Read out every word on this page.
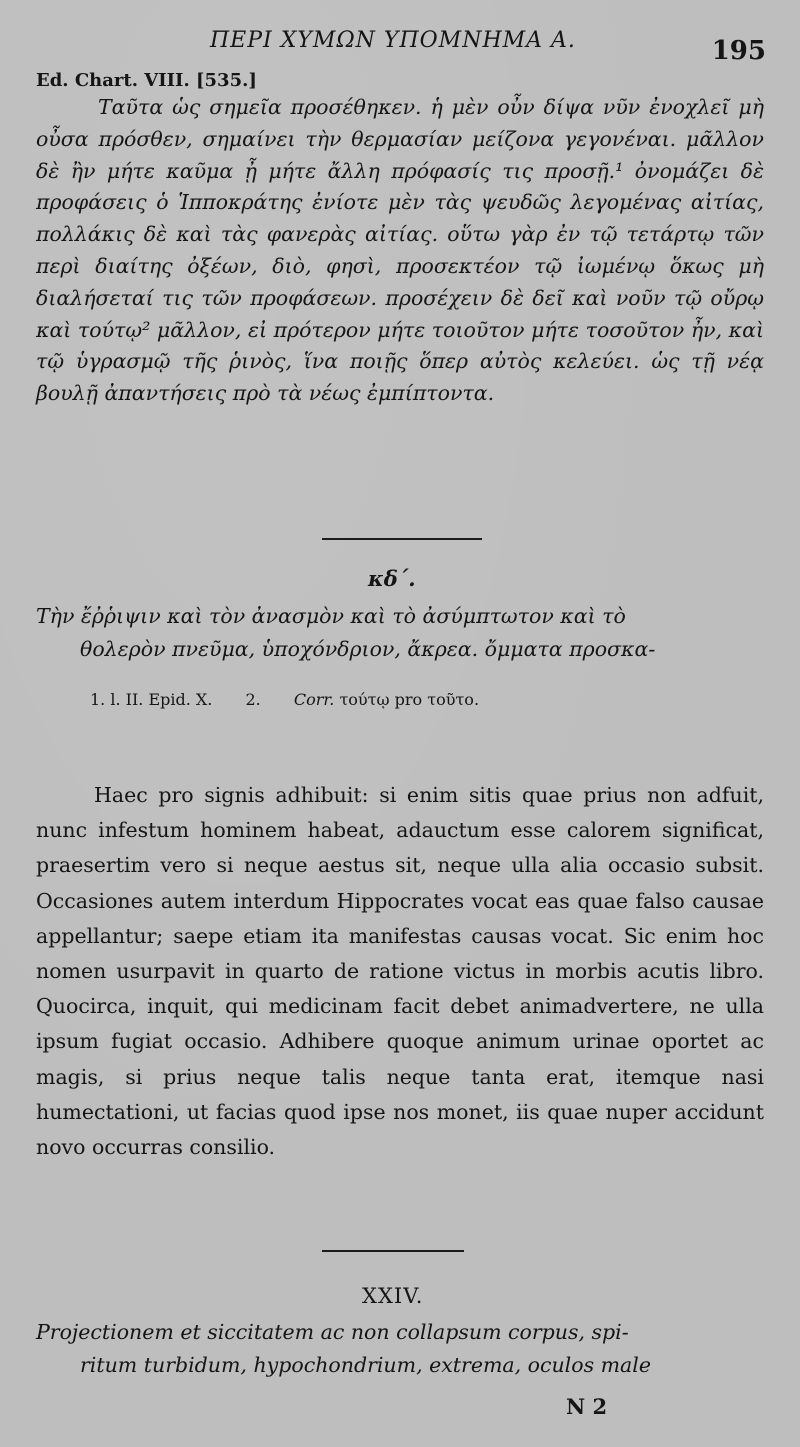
ΠΕΡΙ ΧΥΜΩΝ ΥΠΟΜΝΗΜΑ Α.	195
Ed. Chart. VIII. [535.]

Ταῦτα ὡς σημεῖα προσέθηκεν. ἡ μὲν οὖν δίψα νῦν ἐνοχλεῖ μὴ οὖσα πρόσθεν, σημαίνει τὴν θερμασίαν μείζονα γεγονέναι. μᾶλλον δὲ ἢν μήτε καῦμα ᾖ μήτε ἄλλη πρόφασίς τις προσῇ.¹ ὀνομάζει δὲ προφάσεις ὁ Ἱπποκράτης ἐνίοτε μὲν τὰς ψευδῶς λεγομένας αἰτίας, πολλάκις δὲ καὶ τὰς φανερὰς αἰτίας. οὕτω γὰρ ἐν τῷ τετάρτῳ τῶν περὶ διαίτης ὀξέων, διὸ, φησὶ, προσεκτέον τῷ ἰωμένῳ ὅκως μὴ διαλήσεταί τις τῶν προφάσεων. προσέχειν δὲ δεῖ καὶ νοῦν τῷ οὔρῳ καὶ τούτῳ² μᾶλλον, εἰ πρότερον μήτε τοιοῦτον μήτε τοσοῦτον ἦν, καὶ τῷ ὑγρασμῷ τῆς ῥινὸς, ἵνα ποιῇς ὅπερ αὐτὸς κελεύει. ὡς τῇ νέᾳ βουλῇ ἀπαντήσεις πρὸ τὰ νέως ἐμπίπτοντα.

κδ΄.
Τὴν ἔῤῥιψιν καὶ τὸν ἀνασμὸν καὶ τὸ ἀσύμπτωτον καὶ τὸ
θολερὸν πνεῦμα, ὑποχόνδριον, ἄκρεα. ὄμματα προσκα-
1. l. II. Epid. X. 2. Corr. τούτῳ pro τοῦτο.

Haec pro signis adhibuit: si enim sitis quae prius non adfuit, nunc infestum hominem habeat, adauctum esse calorem significat, praesertim vero si neque aestus sit, neque ulla alia occasio subsit. Occasiones autem interdum Hippocrates vocat eas quae falso causae appellantur; saepe etiam ita manifestas causas vocat. Sic enim hoc nomen usurpavit in quarto de ratione victus in morbis acutis libro. Quocirca, inquit, qui medicinam facit debet animadvertere, ne ulla ipsum fugiat occasio. Adhibere quoque animum urinae oportet ac magis, si prius neque talis neque tanta erat, itemque nasi humectationi, ut facias quod ipse nos monet, iis quae nuper accidunt novo occurras consilio.

XXIV.
Projectionem et siccitatem ac non collapsum corpus, spi-
ritum turbidum, hypochondrium, extrema, oculos male
N 2
